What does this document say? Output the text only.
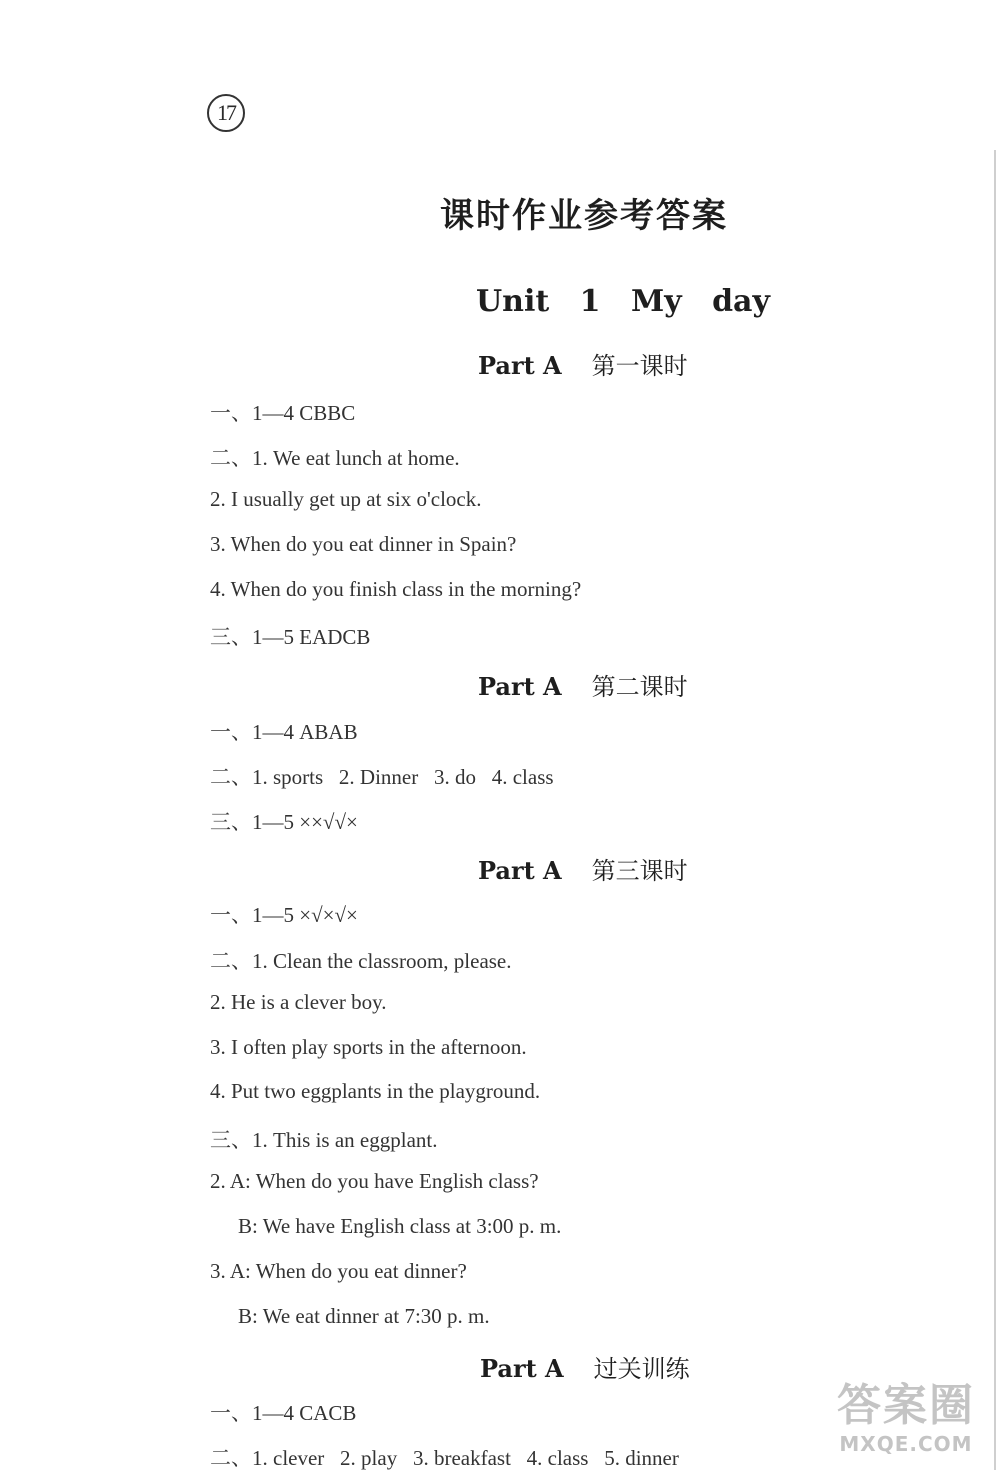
17
课时作业参考答案
Unit 1 My day
Part A 第一课时
一、1—4 CBBC
二、1. We eat lunch at home.
2. I usually get up at six o'clock.
3. When do you eat dinner in Spain?
4. When do you finish class in the morning?
三、1—5 EADCB
Part A 第二课时
一、1—4 ABAB
二、1. sports   2. Dinner   3. do   4. class
三、1—5 ××√√×
Part A 第三课时
一、1—5 ×√×√×
二、1. Clean the classroom, please.
2. He is a clever boy.
3. I often play sports in the afternoon.
4. Put two eggplants in the playground.
三、1. This is an eggplant.
2. A: When do you have English class?
B: We have English class at 3:00 p. m.
3. A: When do you eat dinner?
B: We eat dinner at 7:30 p. m.
Part A 过关训练
一、1—4 CACB
二、1. clever   2. play   3. breakfast   4. class   5. dinner
答案圈
MXQE.COM
